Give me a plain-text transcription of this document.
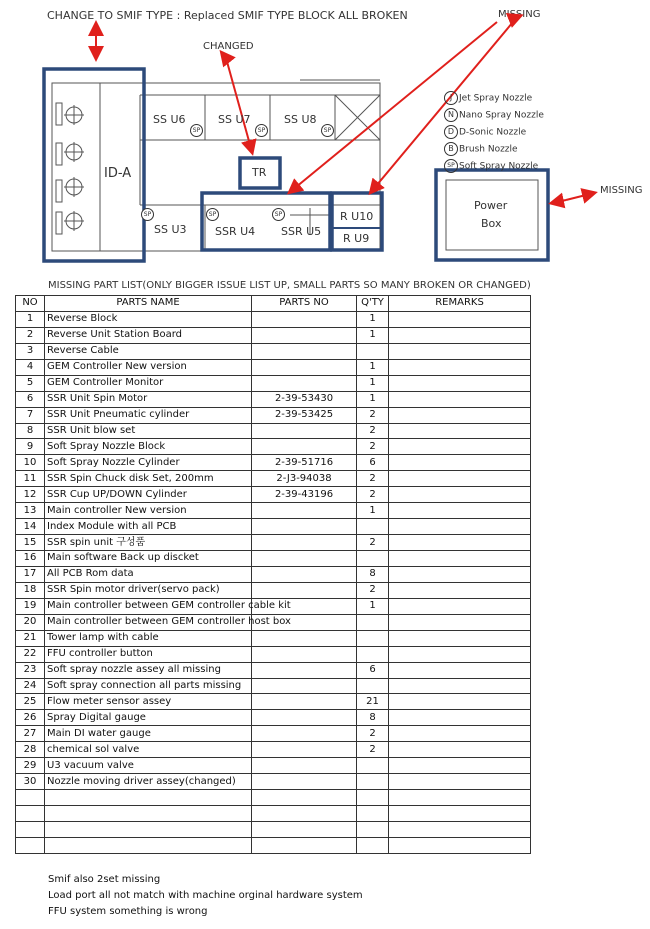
CHANGE TO SMIF TYPE : Replaced SMIF TYPE BLOCK ALL BROKEN
CHANGED
MISSING
MISSING
ID-A
SS U6	SS U7	SS U8
SS U3	SSR U4 SSR U5
TR
R U10
R U9
Power
Box
SP	SP	SP
SP	SP	SP
J Jet Spray Nozzle
N Nano Spray Nozzle
D D-Sonic Nozzle
B Brush Nozzle
SP Soft Spray Nozzle
MISSING PART LIST(ONLY BIGGER ISSUE LIST UP, SMALL PARTS SO MANY BROKEN OR CHANGED)
NO	PARTS NAME	PARTS NO	Q'TY	REMARKS
1	Reverse Block		1	
2	Reverse Unit Station Board		1	
3	Reverse Cable			
4	GEM Controller New version		1	
5	GEM Controller Monitor		1	
6	SSR Unit Spin Motor	2-39-53430	1	
7	SSR Unit Pneumatic cylinder	2-39-53425	2	
8	SSR Unit blow set		2	
9	Soft Spray Nozzle Block		2	
10	Soft Spray Nozzle Cylinder	2-39-51716	6	
11	SSR Spin Chuck disk Set, 200mm	2-J3-94038	2	
12	SSR Cup UP/DOWN Cylinder	2-39-43196	2	
13	Main controller New version		1	
14	Index Module with all PCB			
15	SSR spin unit 구성품		2	
16	Main software Back up discket			
17	All PCB Rom data		8	
18	SSR Spin motor driver(servo pack)		2	
19	Main controller between GEM controller cable kit		1	
20	Main controller between GEM controller host box			
21	Tower lamp with cable			
22	FFU controller button			
23	Soft spray nozzle assey all missing		6	
24	Soft spray connection all parts missing			
25	Flow meter sensor assey		21	
26	Spray Digital gauge		8	
27	Main DI water gauge		2	
28	chemical sol valve		2	
29	U3 vacuum valve			
30	Nozzle moving driver assey(changed)			

Smif also 2set missing
Load port all not match with machine orginal hardware system
FFU system something is wrong
